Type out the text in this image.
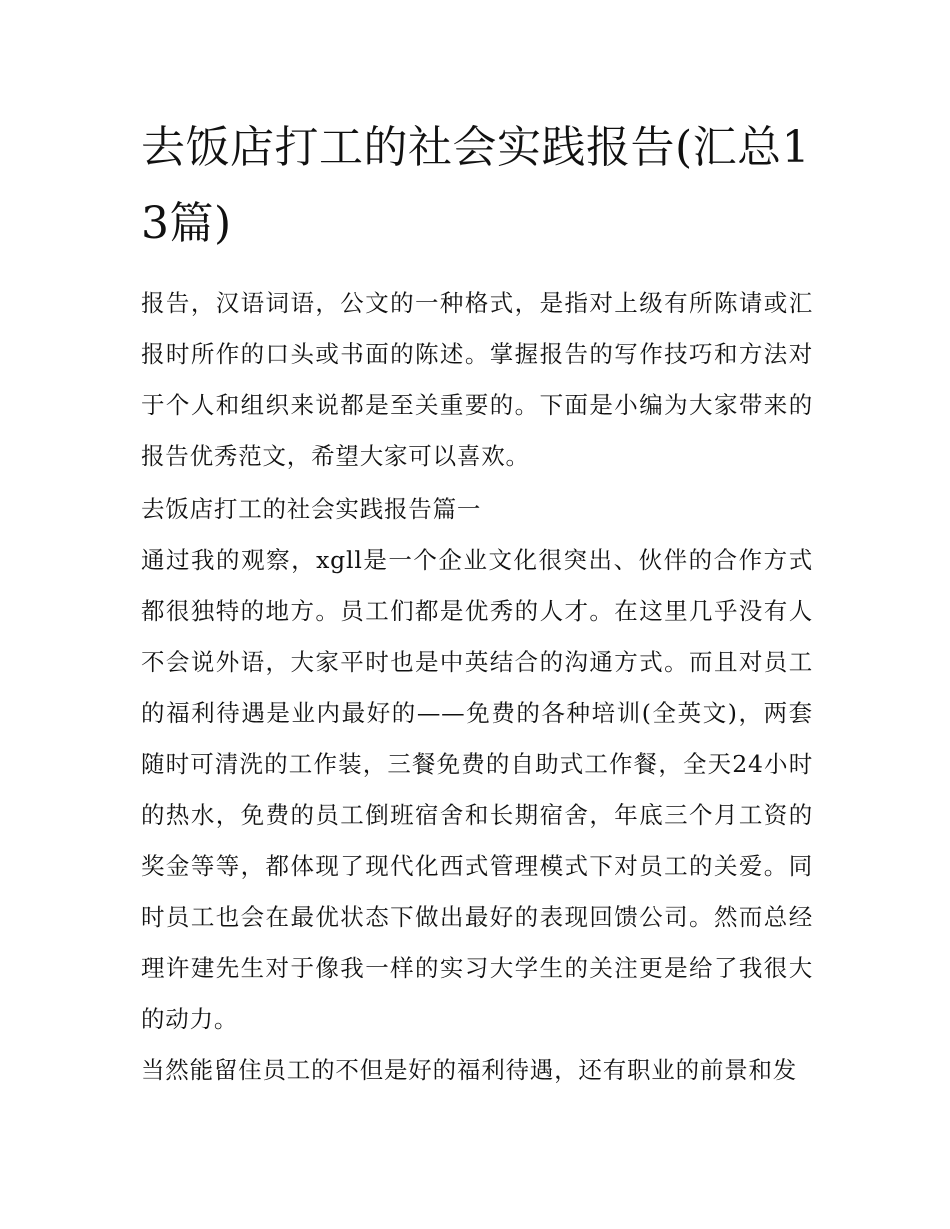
去饭店打工的社会实践报告(汇总13篇)

报告，汉语词语，公文的一种格式，是指对上级有所陈请或汇报时所作的口头或书面的陈述。掌握报告的写作技巧和方法对于个人和组织来说都是至关重要的。下面是小编为大家带来的报告优秀范文，希望大家可以喜欢。

去饭店打工的社会实践报告篇一

通过我的观察，xgll是一个企业文化很突出、伙伴的合作方式都很独特的地方。员工们都是优秀的人才。在这里几乎没有人不会说外语，大家平时也是中英结合的沟通方式。而且对员工的福利待遇是业内最好的——免费的各种培训(全英文)，两套随时可清洗的工作装，三餐免费的自助式工作餐，全天24小时的热水，免费的员工倒班宿舍和长期宿舍，年底三个月工资的奖金等等，都体现了现代化西式管理模式下对员工的关爱。同时员工也会在最优状态下做出最好的表现回馈公司。然而总经理许建先生对于像我一样的实习大学生的关注更是给了我很大的动力。

当然能留住员工的不但是好的福利待遇，还有职业的前景和发
